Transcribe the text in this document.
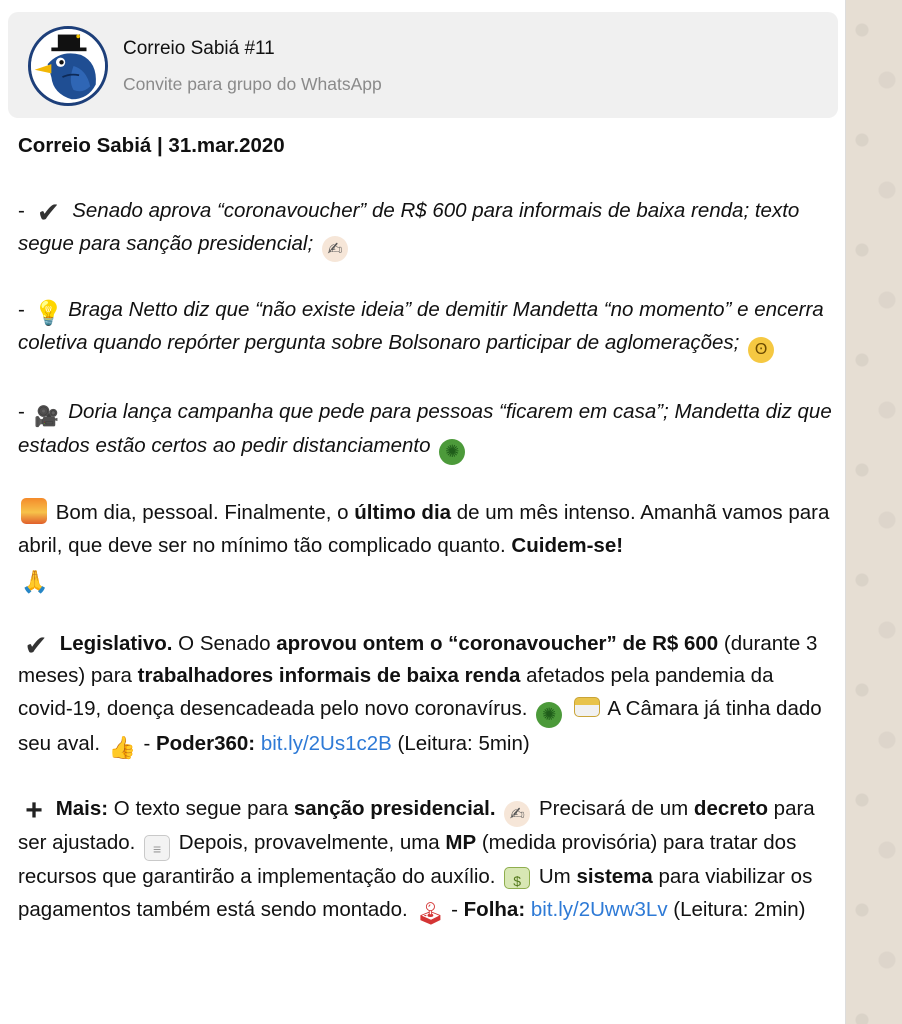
Correio Sabiá #11
Convite para grupo do WhatsApp

Correio Sabiá | 31.mar.2020

- ✔ Senado aprova “coronavoucher” de R$ 600 para informais de baixa renda; texto segue para sanção presidencial; ✍

- 💡 Braga Netto diz que “não existe ideia” de demitir Mandetta “no momento” e encerra coletiva quando repórter pergunta sobre Bolsonaro participar de aglomerações; ʘ

- 🎥 Doria lança campanha que pede para pessoas “ficarem em casa”; Mandetta diz que estados estão certos ao pedir distanciamento ✺

Bom dia, pessoal. Finalmente, o último dia de um mês intenso. Amanhã vamos para abril, que deve ser no mínimo tão complicado quanto. Cuidem-se!
🙏

✔ Legislativo. O Senado aprovou ontem o “coronavoucher” de R$ 600 (durante 3 meses) para trabalhadores informais de baixa renda afetados pela pandemia da covid-19, doença desencadeada pelo novo coronavírus. ✺  A Câmara já tinha dado seu aval. 👍 - Poder360: bit.ly/2Us1c2B (Leitura: 5min)

+ Mais: O texto segue para sanção presidencial. ✍ Precisará de um decreto para ser ajustado. ≡ Depois, provavelmente, uma MP (medida provisória) para tratar dos recursos que garantirão a implementação do auxílio. $ Um sistema para viabilizar os pagamentos também está sendo montado. 🕹 - Folha: bit.ly/2Uww3Lv (Leitura: 2min)
